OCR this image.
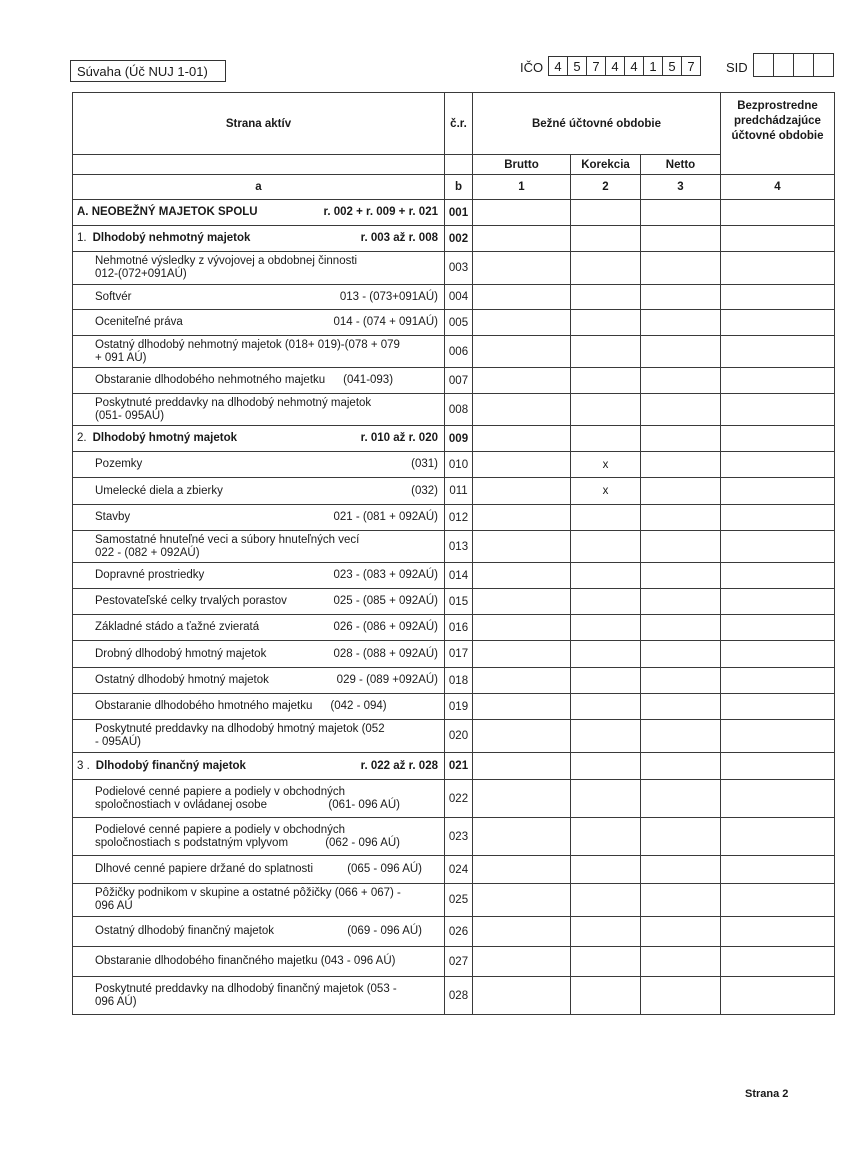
Súvaha (Úč NUJ 1-01)	IČO 4 5 7 4 4 1 5 7	SID
Strana aktív	č.r.	Bežné účtovné obdobie			Bezprostredne predchádzajúce účtovné obdobie
		Brutto	Korekcia	Netto	
a	b	1	2	3	4

A. NEOBEŽNÝ MAJETOK SPOLU r. 002 + r. 009 + r. 021	001				

1. Dlhodobý nehmotný majetok r. 003 až r. 008	002				

Nehmotné výsledky z vývojovej a obdobnej činnosti
012-(072+091AÚ)	003				

Softvér 013 - (073+091AÚ)	004				

Oceniteľné práva 014 - (074 + 091AÚ)	005				

Ostatný dlhodobý nehmotný majetok (018+ 019)-(078 + 079
+ 091 AÚ)	006				

Obstaranie dlhodobého nehmotného majetku (041-093)	007				

Poskytnuté preddavky na dlhodobý nehmotný majetok
(051- 095AÚ)	008				

2. Dlhodobý hmotný majetok r. 010 až r. 020	009				

Pozemky (031)	010		x		

Umelecké diela a zbierky (032)	011		x		

Stavby 021 - (081 + 092AÚ)	012				

Samostatné hnuteľné veci a súbory hnuteľných vecí
022 - (082 + 092AÚ)	013				

Dopravné prostriedky 023 - (083 + 092AÚ)	014				

Pestovateľské celky trvalých porastov 025 - (085 + 092AÚ)	015				

Základné stádo a ťažné zvieratá 026 - (086 + 092AÚ)	016				

Drobný dlhodobý hmotný majetok 028 - (088 + 092AÚ)	017				

Ostatný dlhodobý hmotný majetok 029 - (089 +092AÚ)	018				

Obstaranie dlhodobého hmotného majetku (042 - 094)	019				

Poskytnuté preddavky na dlhodobý hmotný majetok (052
- 095AÚ)	020				

3 . Dlhodobý finančný majetok r. 022 až r. 028	021				

Podielové cenné papiere a podiely v obchodných
spoločnostiach v ovládanej osobe (061- 096 AÚ)	022				

Podielové cenné papiere a podiely v obchodných
spoločnostiach s podstatným vplyvom (062 - 096 AÚ)	023				

Dlhové cenné papiere držané do splatnosti (065 - 096 AÚ)	024				

Pôžičky podnikom v skupine a ostatné pôžičky (066 + 067) -
096 AÚ	025				

Ostatný dlhodobý finančný majetok (069 - 096 AÚ)	026				

Obstaranie dlhodobého finančného majetku (043 - 096 AÚ)	027				

Poskytnuté preddavky na dlhodobý finančný majetok (053 -
096 AÚ)	028				
Strana 2
